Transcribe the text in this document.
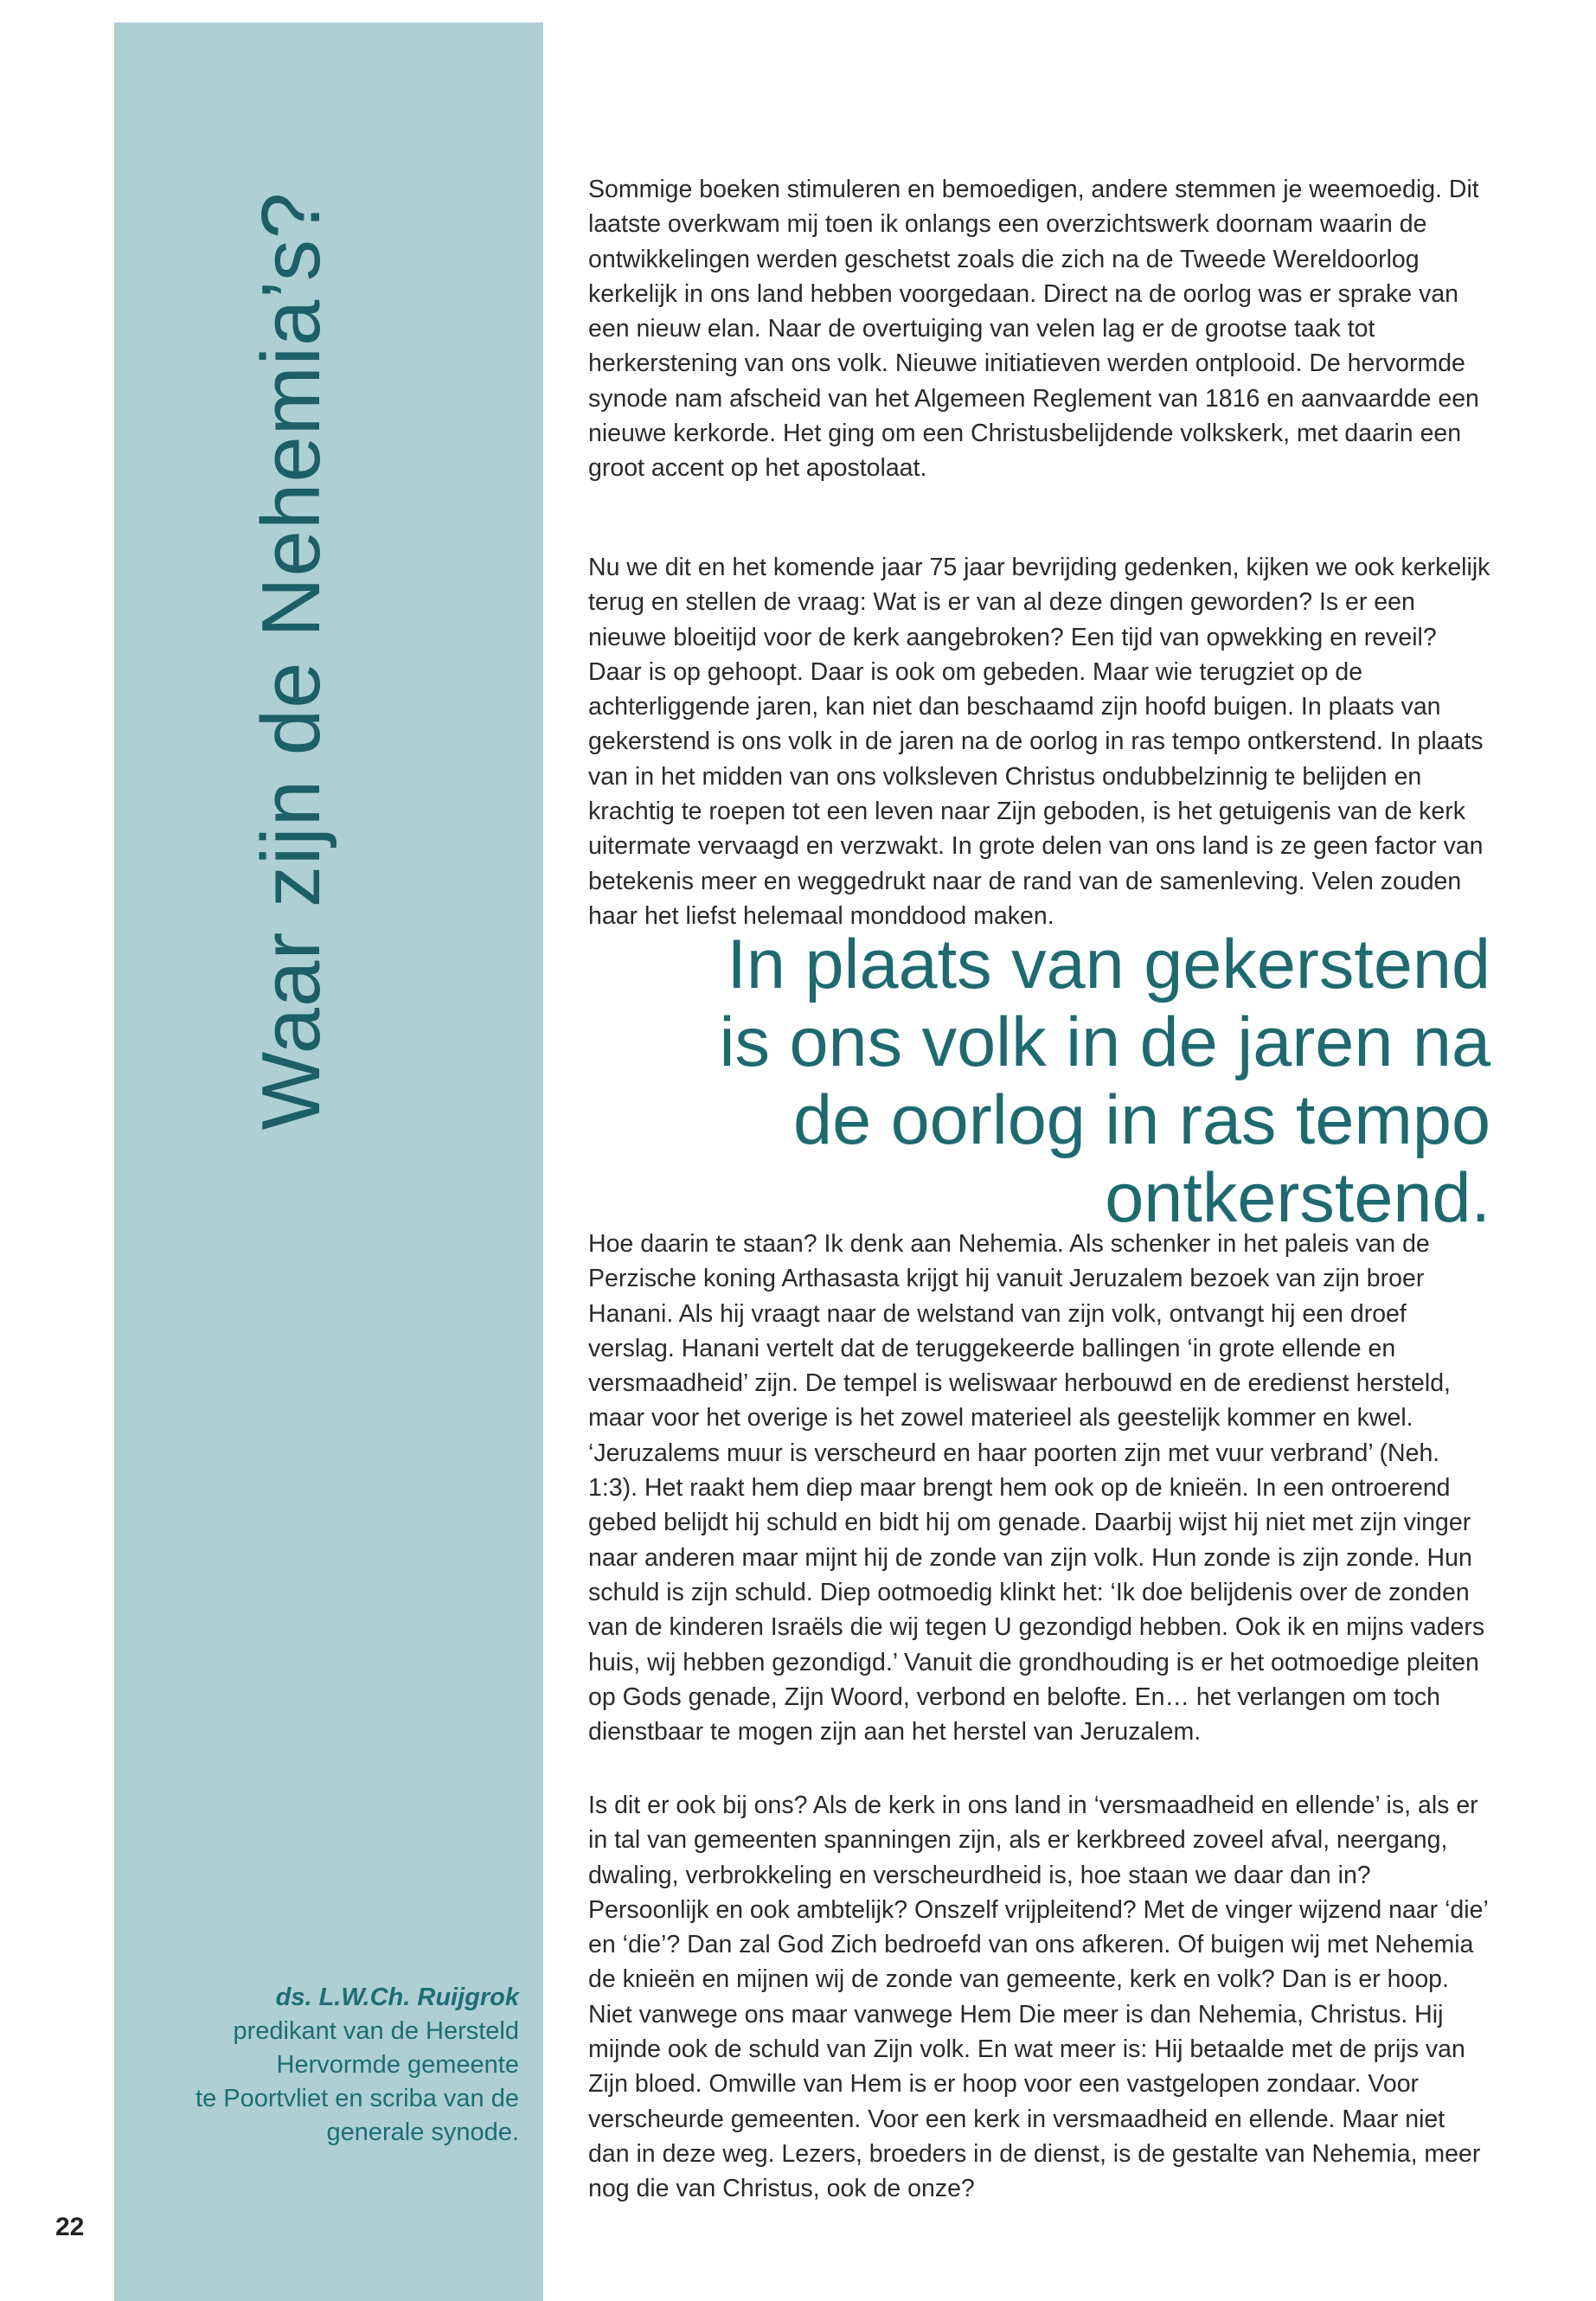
Waar zijn de Nehemia’s?
ds. L.W.Ch. Ruijgrok
predikant van de Hersteld
Hervormde gemeente
te Poortvliet en scriba van de
generale synode.
22

Sommige boeken stimuleren en bemoedigen, andere stemmen je weemoedig. Dit laatste overkwam mij toen ik onlangs een overzichtswerk doornam waarin de ontwikkelingen werden geschetst zoals die zich na de Tweede Wereldoorlog kerkelijk in ons land hebben voorgedaan. Direct na de oorlog was er sprake van een nieuw elan. Naar de overtuiging van velen lag er de grootse taak tot herkerstening van ons volk. Nieuwe initiatieven werden ontplooid. De hervormde synode nam afscheid van het Algemeen Reglement van 1816 en aanvaardde een nieuwe kerkorde. Het ging om een Christusbelijdende volkskerk, met daarin een groot accent op het apostolaat.

Nu we dit en het komende jaar 75 jaar bevrijding gedenken, kijken we ook kerkelijk terug en stellen de vraag: Wat is er van al deze dingen geworden? Is er een nieuwe bloeitijd voor de kerk aangebroken? Een tijd van opwekking en reveil? Daar is op gehoopt. Daar is ook om gebeden. Maar wie terugziet op de achterliggende jaren, kan niet dan beschaamd zijn hoofd buigen. In plaats van gekerstend is ons volk in de jaren na de oorlog in ras tempo ontkerstend. In plaats van in het midden van ons volksleven Christus ondubbelzinnig te belijden en krachtig te roepen tot een leven naar Zijn geboden, is het getuigenis van de kerk uitermate vervaagd en verzwakt. In grote delen van ons land is ze geen factor van betekenis meer en weggedrukt naar de rand van de samenleving. Velen zouden haar het liefst helemaal monddood maken.

In plaats van gekerstend is ons volk in de jaren na de oorlog in ras tempo ontkerstend.

Hoe daarin te staan? Ik denk aan Nehemia. Als schenker in het paleis van de Perzische koning Arthasasta krijgt hij vanuit Jeruzalem bezoek van zijn broer Hanani. Als hij vraagt naar de welstand van zijn volk, ontvangt hij een droef verslag. Hanani vertelt dat de teruggekeerde ballingen ‘in grote ellende en versmaadheid’ zijn. De tempel is weliswaar herbouwd en de eredienst hersteld, maar voor het overige is het zowel materieel als geestelijk kommer en kwel. ‘Jeruzalems muur is verscheurd en haar poorten zijn met vuur verbrand’ (Neh. 1:3). Het raakt hem diep maar brengt hem ook op de knieën. In een ontroerend gebed belijdt hij schuld en bidt hij om genade. Daarbij wijst hij niet met zijn vinger naar anderen maar mijnt hij de zonde van zijn volk. Hun zonde is zijn zonde. Hun schuld is zijn schuld. Diep ootmoedig klinkt het: ‘Ik doe belijdenis over de zonden van de kinderen Israëls die wij tegen U gezondigd hebben. Ook ik en mijns vaders huis, wij hebben gezondigd.’ Vanuit die grondhouding is er het ootmoedige pleiten op Gods genade, Zijn Woord, verbond en belofte. En… het verlangen om toch dienstbaar te mogen zijn aan het herstel van Jeruzalem.

Is dit er ook bij ons? Als de kerk in ons land in ‘versmaadheid en ellende’ is, als er in tal van gemeenten spanningen zijn, als er kerkbreed zoveel afval, neergang, dwaling, verbrokkeling en verscheurdheid is, hoe staan we daar dan in? Persoonlijk en ook ambtelijk? Onszelf vrijpleitend? Met de vinger wijzend naar ‘die’ en ‘die’? Dan zal God Zich bedroefd van ons afkeren. Of buigen wij met Nehemia de knieën en mijnen wij de zonde van gemeente, kerk en volk? Dan is er hoop. Niet vanwege ons maar vanwege Hem Die meer is dan Nehemia, Christus. Hij mijnde ook de schuld van Zijn volk. En wat meer is: Hij betaalde met de prijs van Zijn bloed. Omwille van Hem is er hoop voor een vastgelopen zondaar. Voor verscheurde gemeenten. Voor een kerk in versmaadheid en ellende. Maar niet dan in deze weg. Lezers, broeders in de dienst, is de gestalte van Nehemia, meer nog die van Christus, ook de onze?
